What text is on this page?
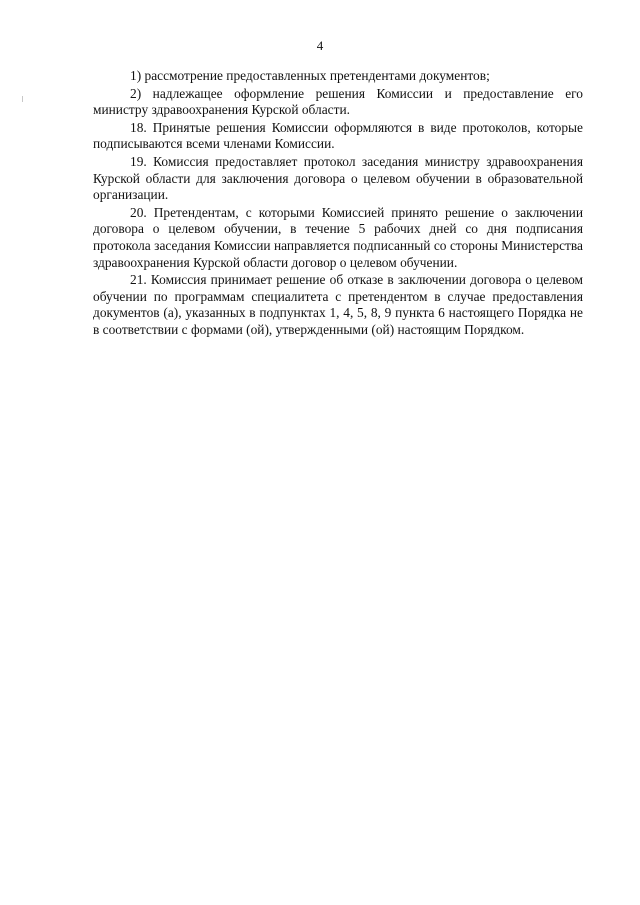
4

1) рассмотрение предоставленных претендентами документов;

2) надлежащее оформление решения Комиссии и предоставление его министру здравоохранения Курской области.

18. Принятые решения Комиссии оформляются в виде протоколов, которые подписываются всеми членами Комиссии.

19. Комиссия предоставляет протокол заседания министру здравоохранения Курской области для заключения договора о целевом обучении в образовательной организации.

20. Претендентам, с которыми Комиссией принято решение о заключении договора о целевом обучении, в течение 5 рабочих дней со дня подписания протокола заседания Комиссии направляется подписанный со стороны Министерства здравоохранения Курской области договор о целевом обучении.

21. Комиссия принимает решение об отказе в заключении договора о целевом обучении по программам специалитета с претендентом в случае предоставления документов (а), указанных в подпунктах 1, 4, 5, 8, 9 пункта 6 настоящего Порядка не в соответствии с формами (ой), утвержденными (ой) настоящим Порядком.
